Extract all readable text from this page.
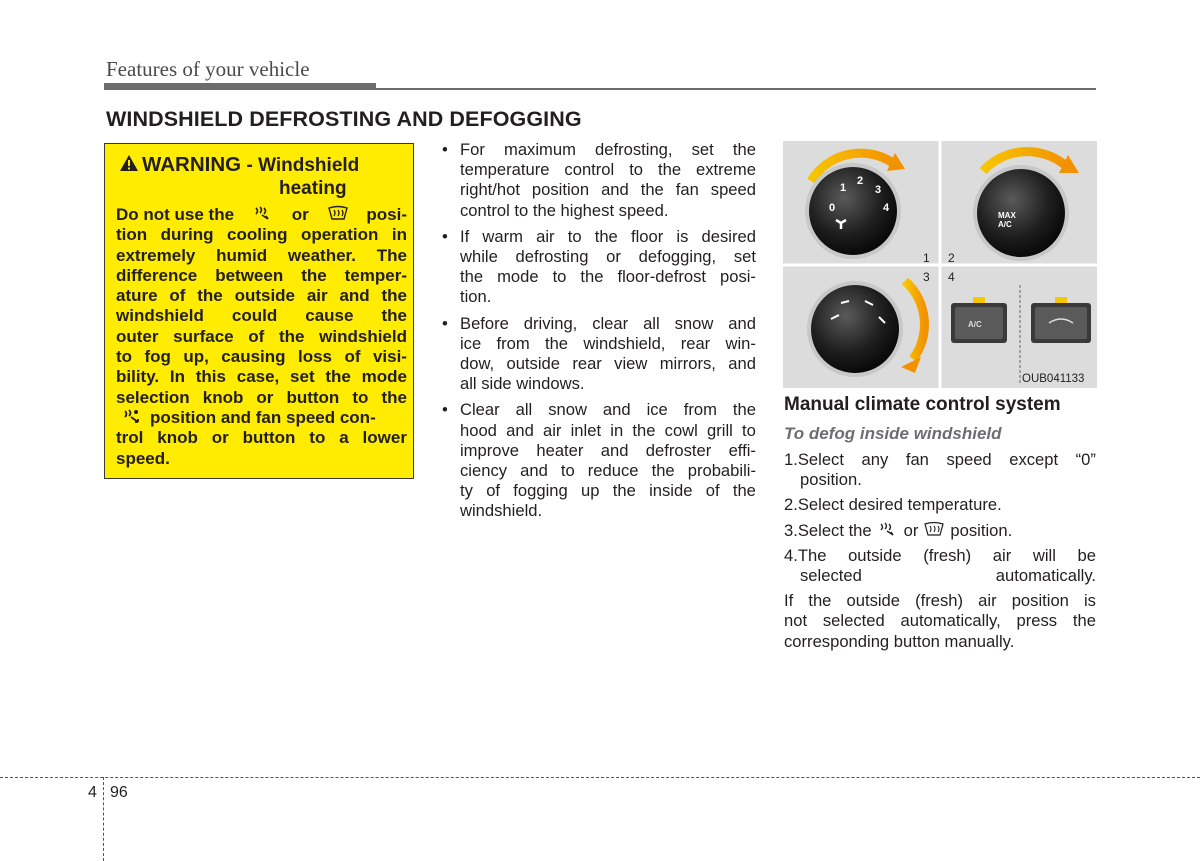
Features of your vehicle
WINDSHIELD DEFROSTING AND DEFOGGING
WARNING - Windshield
heating
Do not use the	or	posi-
tion during cooling operation in
extremely humid weather. The
difference between the temper-
ature of the outside air and the
windshield could cause the
outer surface of the windshield
to fog up, causing loss of visi-
bility. In this case, set the mode
selection knob or button to the
position and fan speed con-
trol knob or button to a lower
speed.
• For maximum defrosting, set the
temperature control to the extreme
right/hot position and the fan speed
control to the highest speed.
• If warm air to the floor is desired
while defrosting or defogging, set
the mode to the floor-defrost posi-
tion.
• Before driving, clear all snow and
ice from the windshield, rear win-
dow, outside rear view mirrors, and
all side windows.
• Clear all snow and ice from the
hood and air inlet in the cowl grill to
improve heater and defroster effi-
ciency and to reduce the probabili-
ty of fogging up the inside of the
windshield.
1
2
3
0	4
1 2
MAX
A/C
3 4
A/C
OUB041133
Manual climate control system
To defog inside windshield
1.Select any fan speed except “0”
position.
2.Select desired temperature.
3.Select the or position.
4.The outside (fresh) air will be
selected	automatically.
If the outside (fresh) air position is
not selected automatically, press the
corresponding button manually.
4 96
